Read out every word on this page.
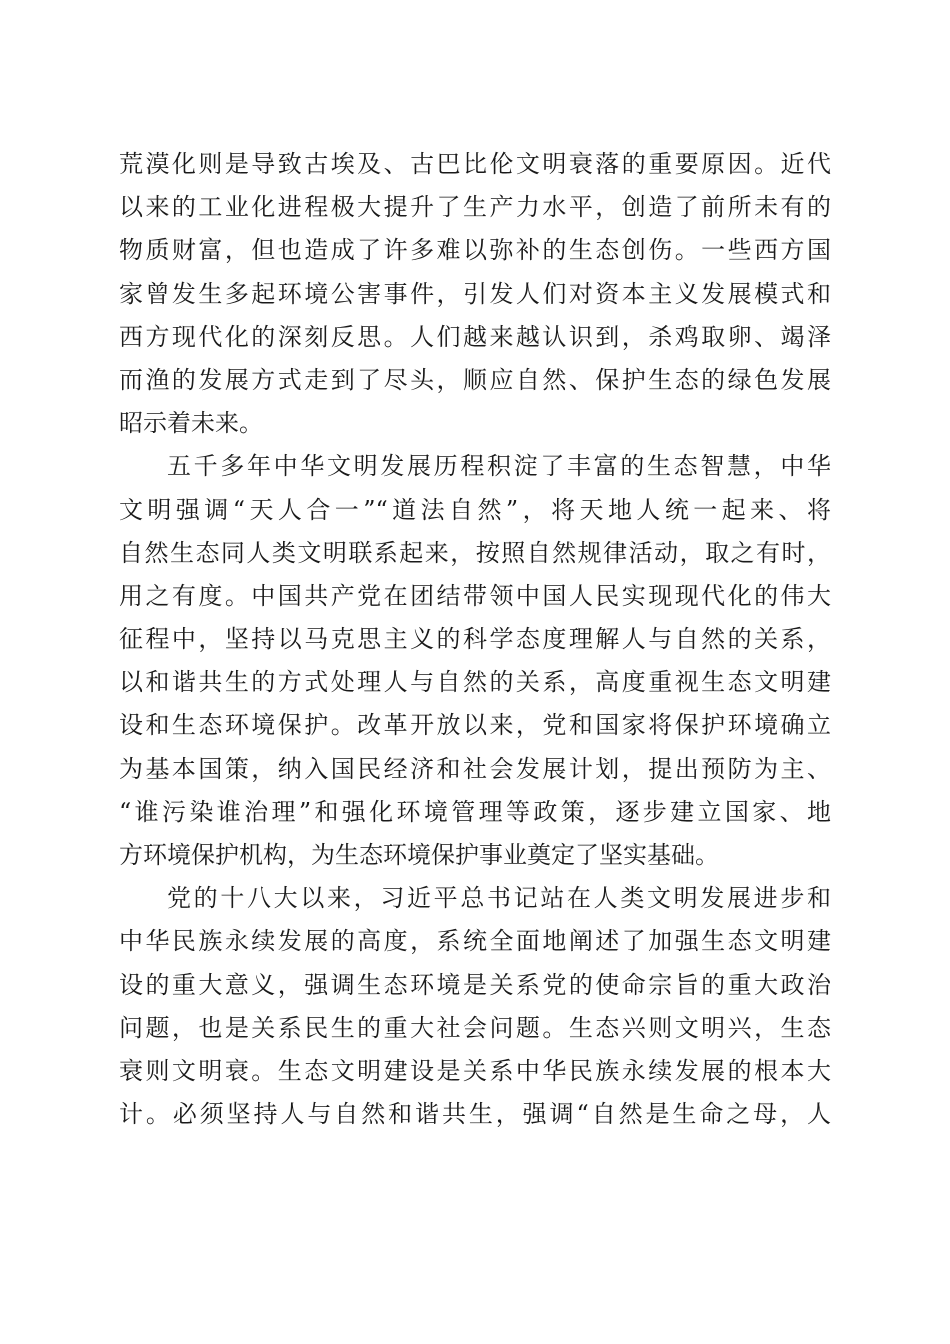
荒漠化则是导致古埃及、古巴比伦文明衰落的重要原因。近代
以来的工业化进程极大提升了生产力水平，创造了前所未有的
物质财富，但也造成了许多难以弥补的生态创伤。一些西方国
家曾发生多起环境公害事件，引发人们对资本主义发展模式和
西方现代化的深刻反思。人们越来越认识到，杀鸡取卵、竭泽
而渔的发展方式走到了尽头，顺应自然、保护生态的绿色发展
昭示着未来。
五千多年中华文明发展历程积淀了丰富的生态智慧，中华
文明强调“天人合一”“道法自然”，将天地人统一起来、将
自然生态同人类文明联系起来，按照自然规律活动，取之有时，
用之有度。中国共产党在团结带领中国人民实现现代化的伟大
征程中，坚持以马克思主义的科学态度理解人与自然的关系，
以和谐共生的方式处理人与自然的关系，高度重视生态文明建
设和生态环境保护。改革开放以来，党和国家将保护环境确立
为基本国策，纳入国民经济和社会发展计划，提出预防为主、
“谁污染谁治理”和强化环境管理等政策，逐步建立国家、地
方环境保护机构，为生态环境保护事业奠定了坚实基础。
党的十八大以来，习近平总书记站在人类文明发展进步和
中华民族永续发展的高度，系统全面地阐述了加强生态文明建
设的重大意义，强调生态环境是关系党的使命宗旨的重大政治
问题，也是关系民生的重大社会问题。生态兴则文明兴，生态
衰则文明衰。生态文明建设是关系中华民族永续发展的根本大
计。必须坚持人与自然和谐共生，强调“自然是生命之母，人
